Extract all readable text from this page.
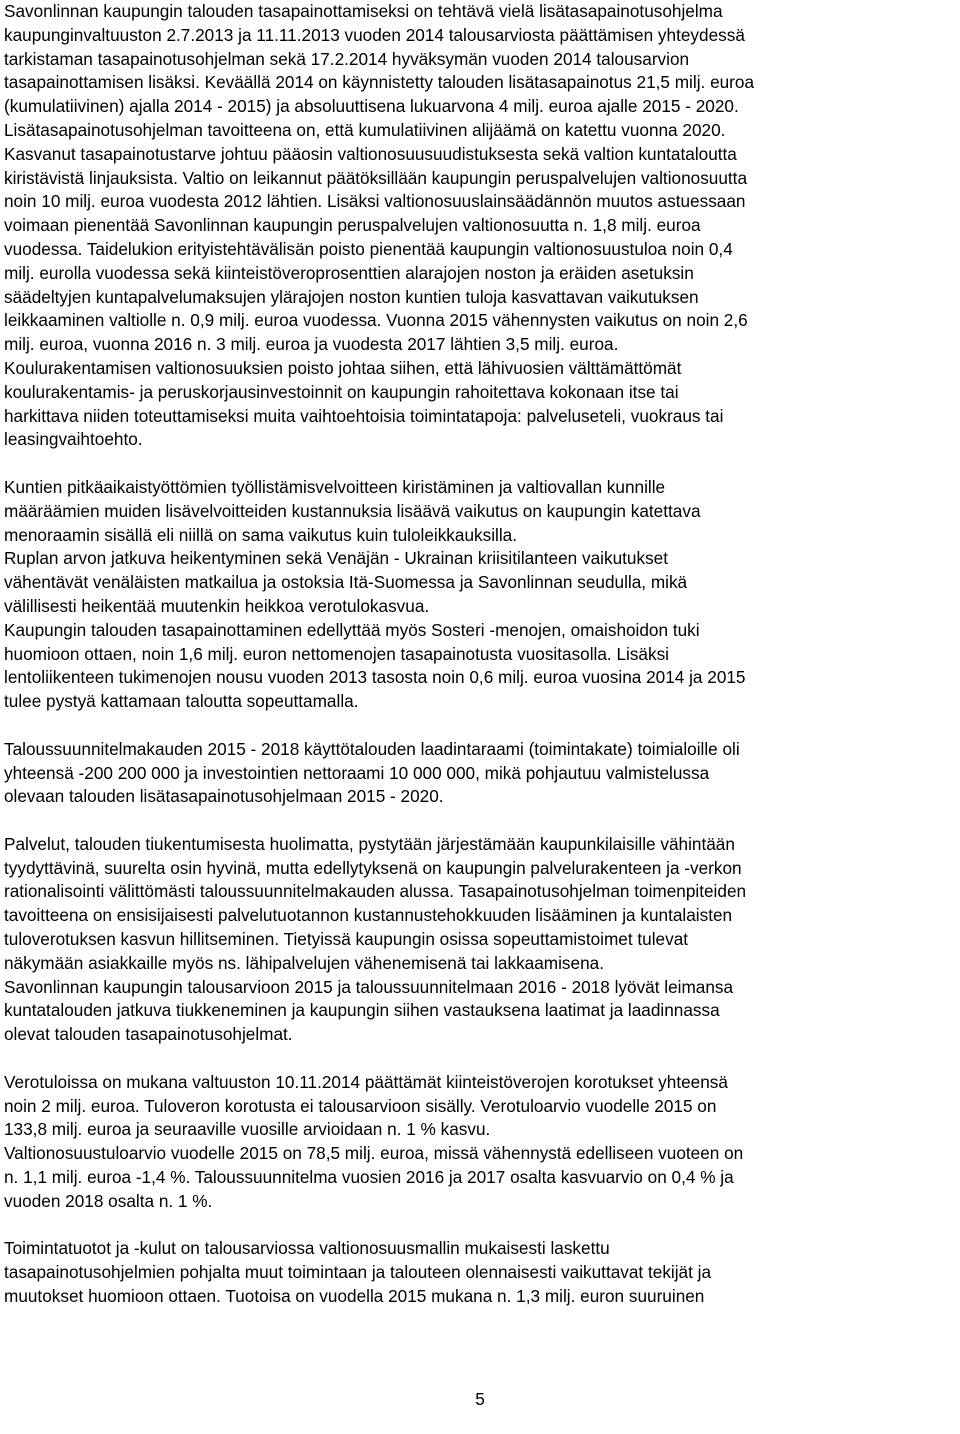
Savonlinnan kaupungin talouden tasapainottamiseksi on tehtävä vielä lisätasapainotusohjelma
kaupunginvaltuuston 2.7.2013 ja 11.11.2013 vuoden 2014 talousarviosta päättämisen yhteydessä
tarkistaman tasapainotusohjelman sekä 17.2.2014 hyväksymän vuoden 2014 talousarvion
tasapainottamisen lisäksi. Keväällä 2014 on käynnistetty talouden lisätasapainotus 21,5 milj. euroa
(kumulatiivinen) ajalla 2014 - 2015) ja absoluuttisena lukuarvona 4 milj. euroa ajalle 2015 - 2020.
Lisätasapainotusohjelman tavoitteena on, että kumulatiivinen alijäämä on katettu vuonna 2020.
Kasvanut tasapainotustarve johtuu pääosin valtionosuusuudistuksesta sekä valtion kuntataloutta
kiristävistä linjauksista. Valtio on leikannut päätöksillään kaupungin peruspalvelujen valtionosuutta
noin 10 milj. euroa vuodesta 2012 lähtien. Lisäksi valtionosuuslainsäädännön muutos astuessaan
voimaan pienentää Savonlinnan kaupungin peruspalvelujen valtionosuutta n. 1,8 milj. euroa
vuodessa. Taidelukion erityistehtävälisän poisto pienentää kaupungin valtionosuustuloa noin 0,4
milj. eurolla vuodessa sekä kiinteistöveroprosenttien alarajojen noston ja eräiden asetuksin
säädeltyjen kuntapalvelumaksujen ylärajojen noston kuntien tuloja kasvattavan vaikutuksen
leikkaaminen valtiolle n. 0,9 milj. euroa vuodessa. Vuonna 2015 vähennysten vaikutus on noin 2,6
milj. euroa, vuonna 2016 n. 3 milj. euroa ja vuodesta 2017 lähtien 3,5 milj. euroa.
Koulurakentamisen valtionosuuksien poisto johtaa siihen, että lähivuosien välttämättömät
koulurakentamis- ja peruskorjausinvestoinnit on kaupungin rahoitettava kokonaan itse tai
harkittava niiden toteuttamiseksi muita vaihtoehtoisia toimintatapoja: palveluseteli, vuokraus tai
leasingvaihtoehto.

Kuntien pitkäaikaistyöttömien työllistämisvelvoitteen kiristäminen ja valtiovallan kunnille
määräämien muiden lisävelvoitteiden kustannuksia lisäävä vaikutus on kaupungin katettava
menoraamin sisällä eli niillä on sama vaikutus kuin tuloleikkauksilla.
Ruplan arvon jatkuva heikentyminen sekä Venäjän - Ukrainan kriisitilanteen vaikutukset
vähentävät venäläisten matkailua ja ostoksia Itä-Suomessa ja Savonlinnan seudulla, mikä
välillisesti heikentää muutenkin heikkoa verotulokasvua.
Kaupungin talouden tasapainottaminen edellyttää myös Sosteri -menojen, omaishoidon tuki
huomioon ottaen, noin 1,6 milj. euron nettomenojen tasapainotusta vuositasolla. Lisäksi
lentoliikenteen tukimenojen nousu vuoden 2013 tasosta noin 0,6 milj. euroa vuosina 2014 ja 2015
tulee pystyä kattamaan taloutta sopeuttamalla.

Taloussuunnitelmakauden 2015 - 2018 käyttötalouden laadintaraami (toimintakate) toimialoille oli
yhteensä -200 200 000 ja investointien nettoraami 10 000 000, mikä pohjautuu valmistelussa
olevaan talouden lisätasapainotusohjelmaan 2015 - 2020.

Palvelut, talouden tiukentumisesta huolimatta, pystytään järjestämään kaupunkilaisille vähintään
tyydyttävinä, suurelta osin hyvinä, mutta edellytyksenä on kaupungin palvelurakenteen ja -verkon
rationalisointi välittömästi taloussuunnitelmakauden alussa. Tasapainotusohjelman toimenpiteiden
tavoitteena on ensisijaisesti palvelutuotannon kustannustehokkuuden lisääminen ja kuntalaisten
tuloverotuksen kasvun hillitseminen. Tietyissä kaupungin osissa sopeuttamistoimet tulevat
näkymään asiakkaille myös ns. lähipalvelujen vähenemisenä tai lakkaamisena.
Savonlinnan kaupungin talousarvioon 2015 ja taloussuunnitelmaan 2016 - 2018 lyövät leimansa
kuntatalouden jatkuva tiukkeneminen ja kaupungin siihen vastauksena laatimat ja laadinnassa
olevat talouden tasapainotusohjelmat.

Verotuloissa on mukana valtuuston 10.11.2014 päättämät kiinteistöverojen korotukset yhteensä
noin 2 milj. euroa. Tuloveron korotusta ei talousarvioon sisälly. Verotuloarvio vuodelle 2015 on
133,8 milj. euroa ja seuraaville vuosille arvioidaan n. 1 % kasvu.
Valtionosuustuloarvio vuodelle 2015 on 78,5 milj. euroa, missä vähennystä edelliseen vuoteen on
n. 1,1 milj. euroa -1,4 %. Taloussuunnitelma vuosien 2016 ja 2017 osalta kasvuarvio on 0,4 % ja
vuoden 2018 osalta n. 1 %.

Toimintatuotot ja -kulut on talousarviossa valtionosuusmallin mukaisesti laskettu
tasapainotusohjelmien pohjalta muut toimintaan ja talouteen olennaisesti vaikuttavat tekijät ja
muutokset huomioon ottaen. Tuotoisa on vuodella 2015 mukana n. 1,3 milj. euron suuruinen

5
